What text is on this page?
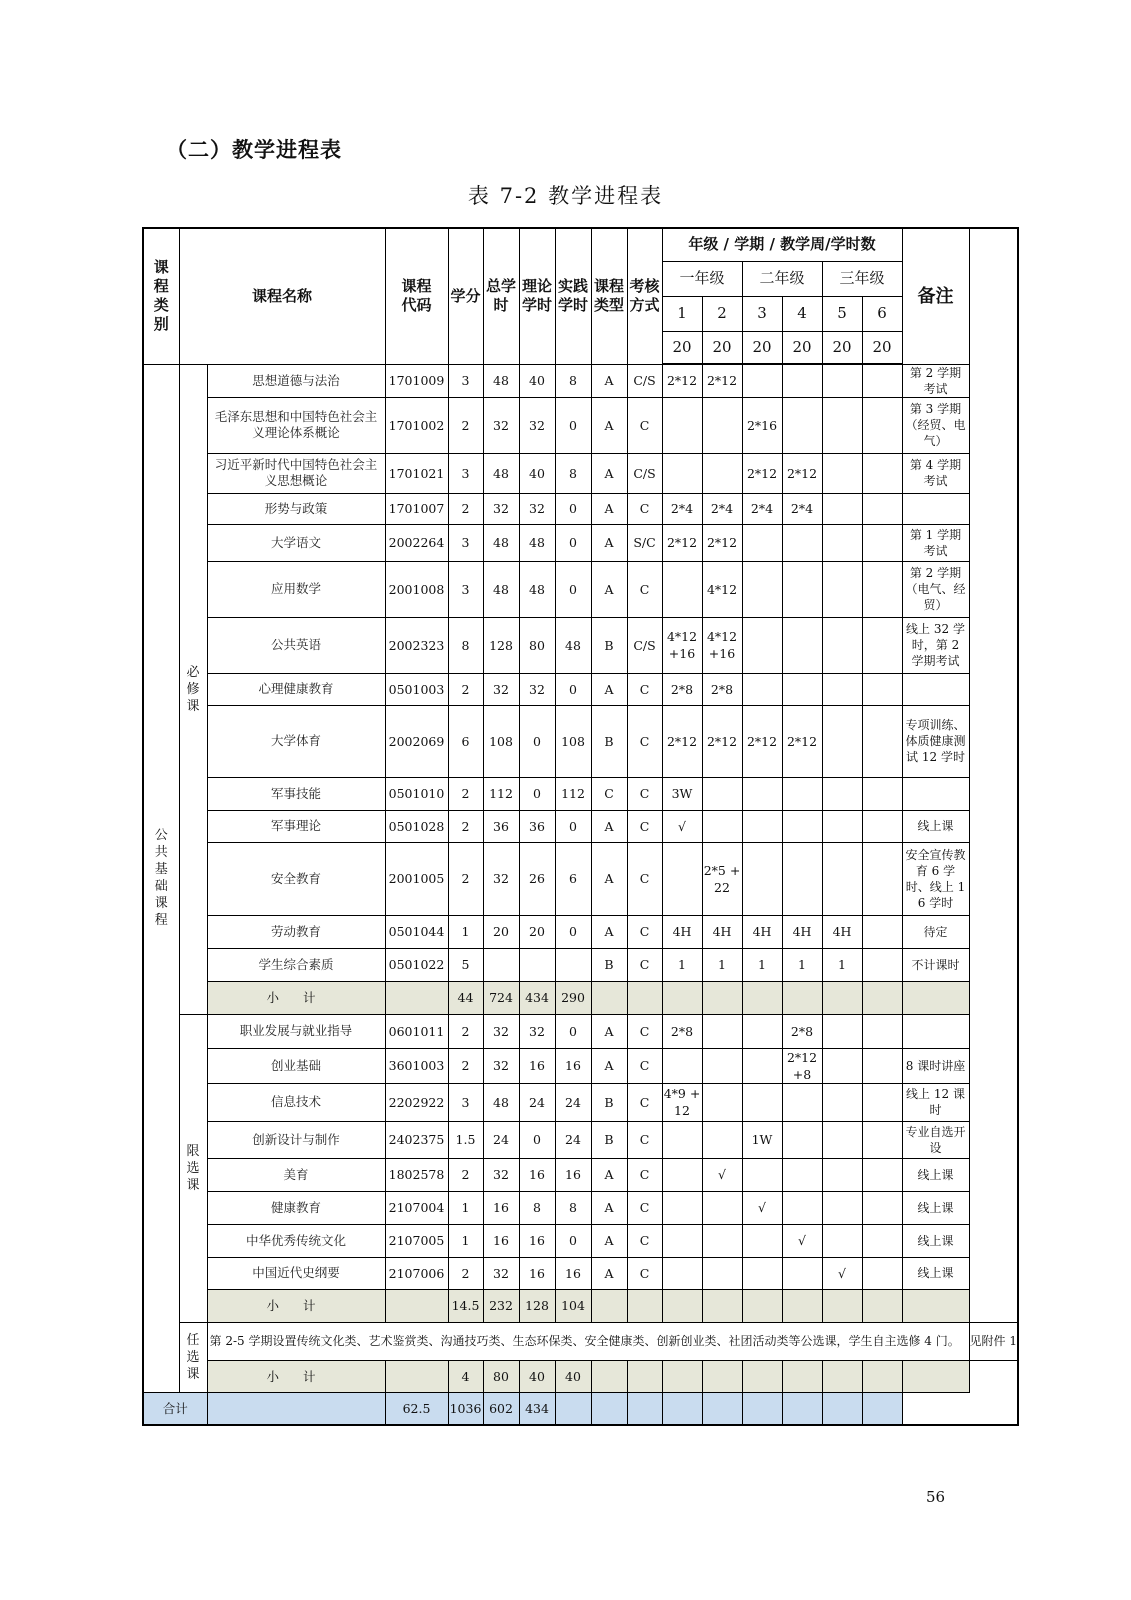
（二）教学进程表
表 7-2 教学进程表
课程类别	课程名称		课程代码	学分	总学时	理论学时	实践学时	课程类型	考核方式	年级 / 学期 / 教学周/学时数						备注	
										一年级		二年级		三年级			
										1	2	3	4	5	6		
										20	20	20	20	20	20		
公共基础课程	必修课	思想道德与法治	1701009	3	48	40	8	A	C/S	2*12	2*12					第 2 学期考试	
		毛泽东思想和中国特色社会主义理论体系概论	1701002	2	32	32	0	A	C			2*16				第 3 学期（经贸、电气）	
		习近平新时代中国特色社会主义思想概论	1701021	3	48	40	8	A	C/S			2*12	2*12			第 4 学期考试	
		形势与政策	1701007	2	32	32	0	A	C	2*4	2*4	2*4	2*4				
		大学语文	2002264	3	48	48	0	A	S/C	2*12	2*12					第 1 学期考试	
		应用数学	2001008	3	48	48	0	A	C		4*12					第 2 学期（电气、经贸）	
		公共英语	2002323	8	128	80	48	B	C/S	4*12 +16	4*12 +16					线上 32 学时，第 2 学期考试	
		心理健康教育	0501003	2	32	32	0	A	C	2*8	2*8						
		大学体育	2002069	6	108	0	108	B	C	2*12	2*12	2*12	2*12			专项训练、体质健康测试 12 学时	
		军事技能	0501010	2	112	0	112	C	C	3W							
		军事理论	0501028	2	36	36	0	A	C	√						线上课	
		安全教育	2001005	2	32	26	6	A	C		2*5 +22					安全宣传教育 6 学时、线上 16 学时	
		劳动教育	0501044	1	20	20	0	A	C	4H	4H	4H	4H	4H		待定	
		学生综合素质	0501022	5				B	C	1	1	1	1	1		不计课时	
		小 计		44	724	434	290										
	限选课	职业发展与就业指导	0601011	2	32	32	0	A	C	2*8			2*8				
		创业基础	3601003	2	32	16	16	A	C				2*12 +8			8 课时讲座	
		信息技术	2202922	3	48	24	24	B	C	4*9 +12						线上 12 课时	
		创新设计与制作	2402375	1.5	24	0	24	B	C			1W				专业自选开设	
		美育	1802578	2	32	16	16	A	C		√					线上课	
		健康教育	2107004	1	16	8	8	A	C			√				线上课	
		中华优秀传统文化	2107005	1	16	16	0	A	C				√			线上课	
		中国近代史纲要	2107006	2	32	16	16	A	C					√		线上课	
		小 计		14.5	232	128	104										
	任选课	第 2-5 学期设置传统文化类、艺术鉴赏类、沟通技巧类、生态环保类、安全健康类、创新创业类、社团活动类等公选课，学生自主选修 4 门。															见附件 1
		小 计		4	80	40	40										
合计			62.5	1036	602	434											
56
